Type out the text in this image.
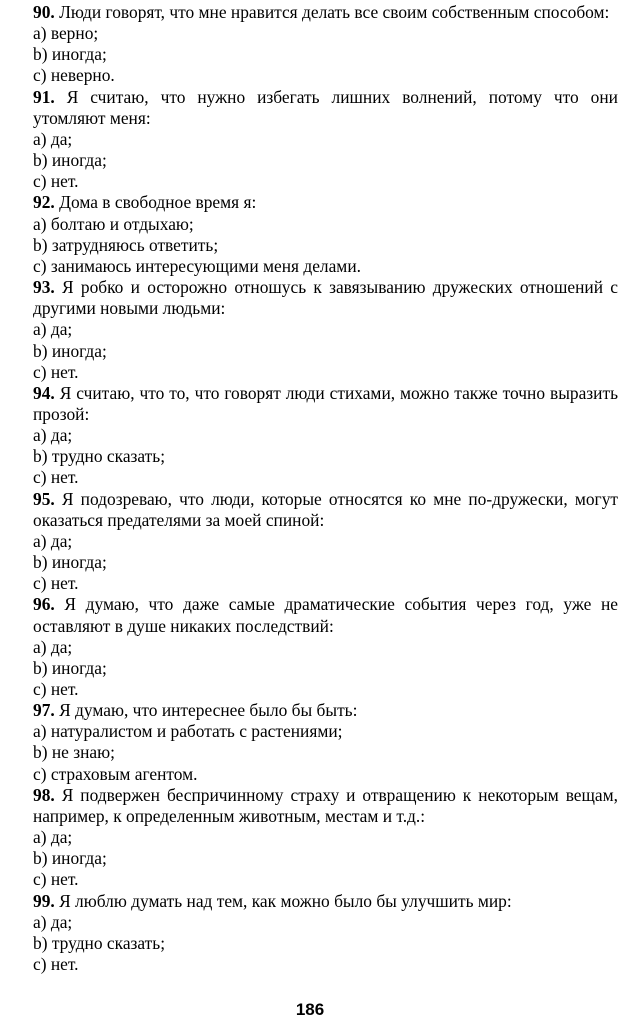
90. Люди говорят, что мне нравится делать все своим собственным способом:
a) верно;
b) иногда;
c) неверно.
91. Я считаю, что нужно избегать лишних волнений, потому что они утомляют меня:
a) да;
b) иногда;
c) нет.
92. Дома в свободное время я:
a) болтаю и отдыхаю;
b) затрудняюсь ответить;
c) занимаюсь интересующими меня делами.
93. Я робко и осторожно отношусь к завязыванию дружеских отношений с другими новыми людьми:
a) да;
b) иногда;
c) нет.
94. Я считаю, что то, что говорят люди стихами, можно также точно выразить прозой:
a) да;
b) трудно сказать;
c) нет.
95. Я подозреваю, что люди, которые относятся ко мне по-дружески, могут оказаться предателями за моей спиной:
a) да;
b) иногда;
c) нет.
96. Я думаю, что даже самые драматические события через год, уже не оставляют в душе никаких последствий:
a) да;
b) иногда;
c) нет.
97. Я думаю, что интереснее было бы быть:
a) натуралистом и работать с растениями;
b) не знаю;
c) страховым агентом.
98. Я подвержен беспричинному страху и отвращению к некоторым вещам, например, к определенным животным, местам и т.д.:
a) да;
b) иногда;
c) нет.
99. Я люблю думать над тем, как можно было бы улучшить мир:
a) да;
b) трудно сказать;
c) нет.
186
